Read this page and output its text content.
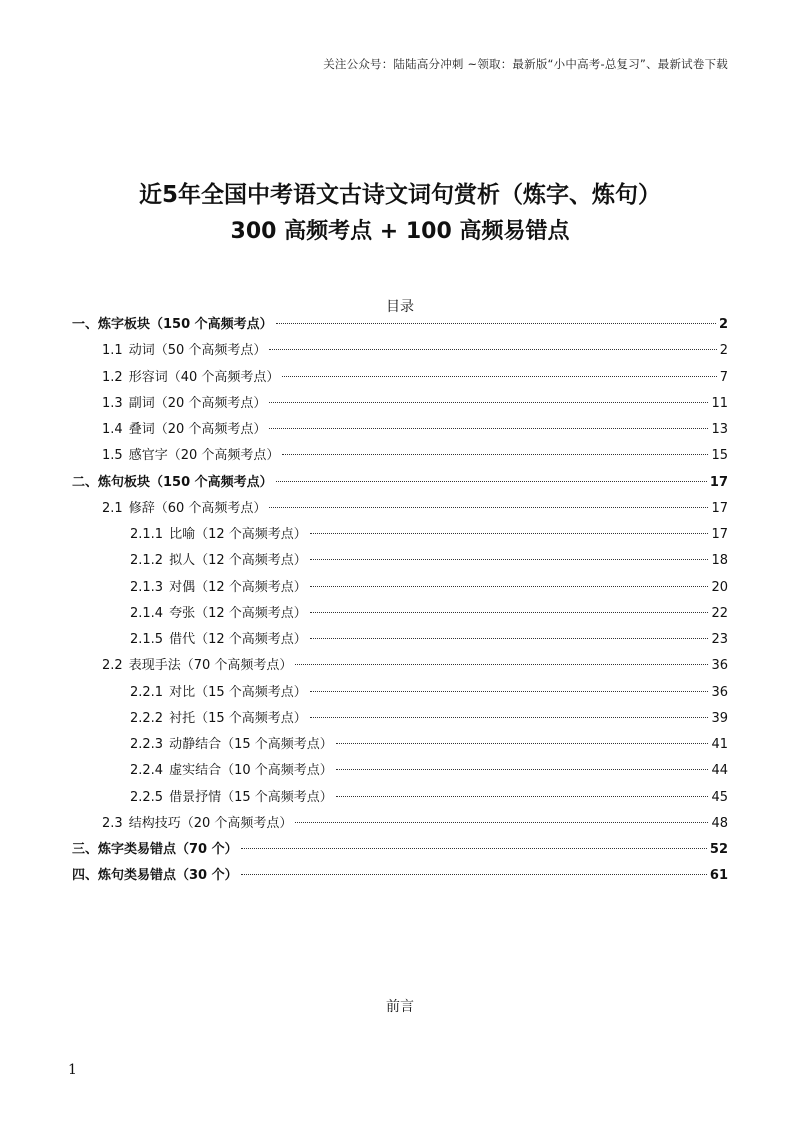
关注公众号：陆陆高分冲刺 ~领取：最新版“小中高考-总复习”、最新试卷下载
近5年全国中考语文古诗文词句赏析（炼字、炼句）
300 高频考点 + 100 高频易错点
目录
一、炼字板块（150 个高频考点）	2
1.1 动词（50 个高频考点）	2
1.2 形容词（40 个高频考点）	7
1.3 副词（20 个高频考点）	11
1.4 叠词（20 个高频考点）	13
1.5 感官字（20 个高频考点）	15
二、炼句板块（150 个高频考点）	17
2.1 修辞（60 个高频考点）	17
2.1.1 比喻（12 个高频考点）	17
2.1.2 拟人（12 个高频考点）	18
2.1.3 对偶（12 个高频考点）	20
2.1.4 夸张（12 个高频考点）	22
2.1.5 借代（12 个高频考点）	23
2.2 表现手法（70 个高频考点）	36
2.2.1 对比（15 个高频考点）	36
2.2.2 衬托（15 个高频考点）	39
2.2.3 动静结合（15 个高频考点）	41
2.2.4 虚实结合（10 个高频考点）	44
2.2.5 借景抒情（15 个高频考点）	45
2.3 结构技巧（20 个高频考点）	48
三、炼字类易错点（70 个）	52
四、炼句类易错点（30 个）	61
前言
1
